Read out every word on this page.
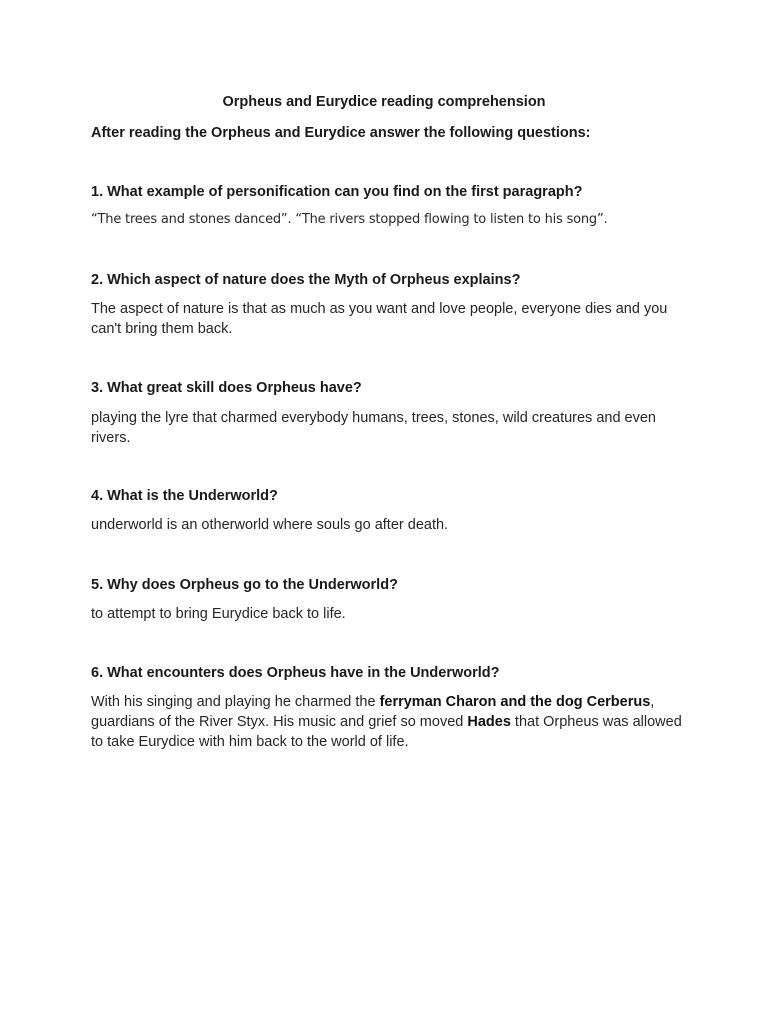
Orpheus and Eurydice reading comprehension

After reading the Orpheus and Eurydice answer the following questions:

1. What example of personification can you find on the first paragraph?

“The trees and stones danced”. “The rivers stopped flowing to listen to his song”.

2. Which aspect of nature does the Myth of Orpheus explains?

The aspect of nature is that as much as you want and love people, everyone dies and you can't bring them back.

3. What great skill does Orpheus have?

playing the lyre that charmed everybody humans, trees, stones, wild creatures and even rivers.

4. What is the Underworld?

underworld is an otherworld where souls go after death.

5. Why does Orpheus go to the Underworld?

to attempt to bring Eurydice back to life.

6. What encounters does Orpheus have in the Underworld?

With his singing and playing he charmed the ferryman Charon and the dog Cerberus, guardians of the River Styx. His music and grief so moved Hades that Orpheus was allowed to take Eurydice with him back to the world of life.
